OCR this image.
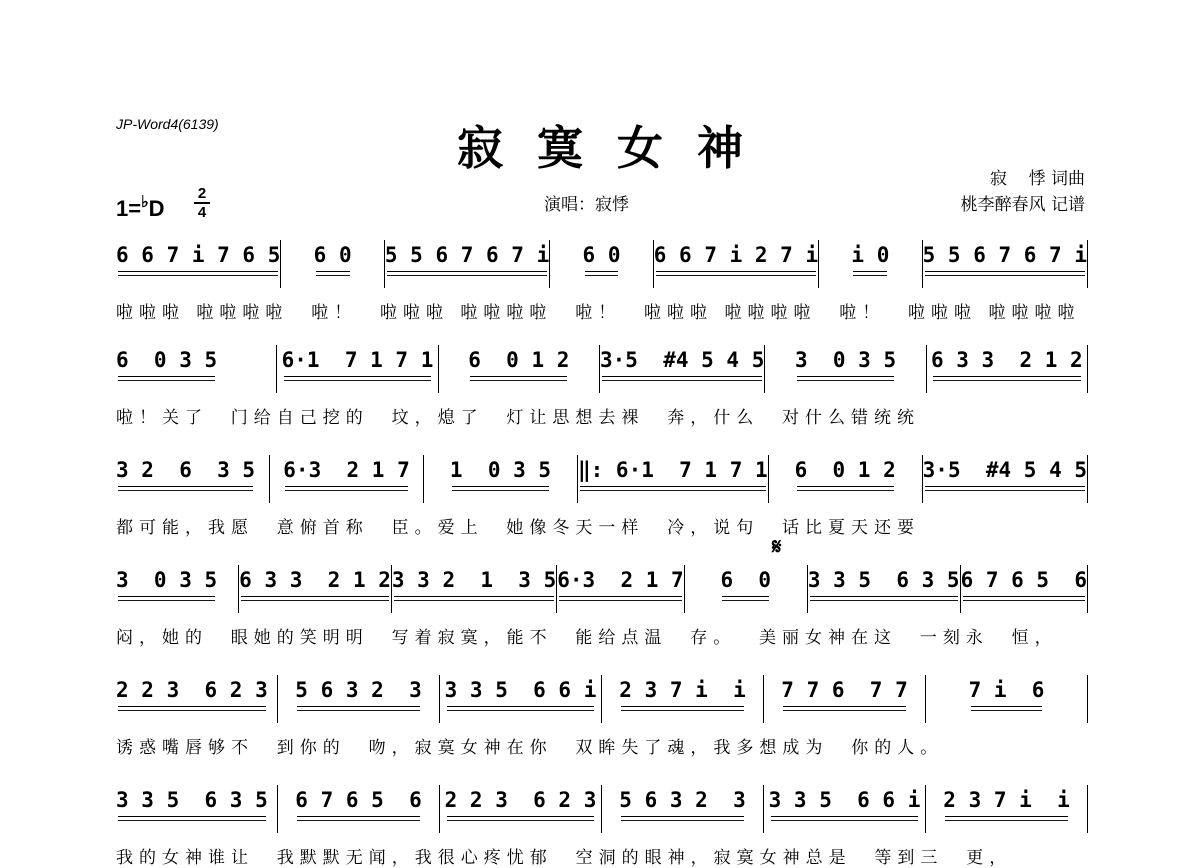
JP-Word4(6139)	寂寞女神
1=♭D
2
4	演唱：寂悸
寂    悸 词曲
桃李醉春风 记谱
6 6 7 i 7 6 5	6 0	5 5 6 7 6 7 i	6 0	6 6 7 i 2 7 i	i 0	5 5 6 7 6 7 i
啦啦啦 啦啦啦啦  啦！  啦啦啦 啦啦啦啦  啦！  啦啦啦 啦啦啦啦  啦！  啦啦啦 啦啦啦啦
6  0 3 5	6·1  7 1 7 1	6  0 1 2	3·5  #4 5 4 5	3  0 3 5	6 3 3  2 1 2
啦！关了  门给自己挖的  坟，熄了  灯让思想去裸  奔，什么  对什么错统统
3 2  6  3 5	6·3  2 1 7	1  0 3 5	‖: 6·1  7 1 7 1	6  0 1 2	3·5  #4 5 4 5
都可能，我愿  意俯首称  臣。爱上  她像冬天一样  冷，说句  话比夏天还要
3  0 3 5	6 3 3  2 1 2 3 3 2  1  3 5 6·3  2 1 7	6  0	3 3 5  6 3 5 6 7 6 5  6
闷，她的  眼她的笑明明  写着寂寞，能不  能给点温  存。  美丽女神在这  一刻永  恒，
𝄋
2 2 3  6 2 3	5 6 3 2  3	3 3 5  6 6 i	2 3 7 i  i	7 7 6  7 7	7 i  6
诱惑嘴唇够不  到你的  吻，寂寞女神在你  双眸失了魂，我多想成为  你的人。
3 3 5  6 3 5	6 7 6 5  6	2 2 3  6 2 3	5 6 3 2  3	3 3 5  6 6 i	2 3 7 i  i
我的女神谁让  我默默无闻，我很心疼忧郁  空洞的眼神，寂寞女神总是  等到三  更，
